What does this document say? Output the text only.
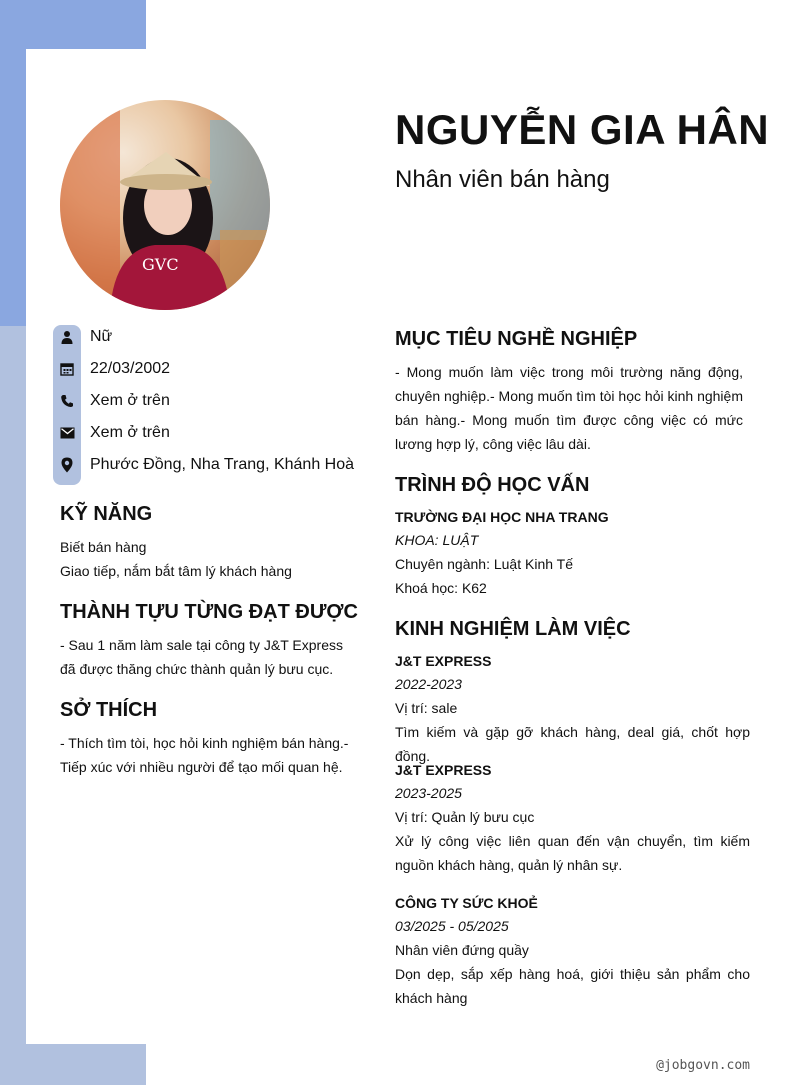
GVC
NGUYỄN GIA HÂN
Nhân viên bán hàng
Nữ
22/03/2002
Xem ở trên
Xem ở trên
Phước Đồng, Nha Trang, Khánh Hoà
KỸ NĂNG
Biết bán hàng
Giao tiếp, nắm bắt tâm lý khách hàng
THÀNH TỰU TỪNG ĐẠT ĐƯỢC
- Sau 1 năm làm sale tại công ty J&T Express
đã được thăng chức thành quản lý bưu cục.
SỞ THÍCH
- Thích tìm tòi, học hỏi kinh nghiệm bán hàng.-
Tiếp xúc với nhiều người để tạo mối quan hệ.
MỤC TIÊU NGHỀ NGHIỆP
- Mong muốn làm việc trong môi trường năng động, chuyên nghiệp.- Mong muốn tìm tòi học hỏi kinh nghiệm bán hàng.- Mong muốn tìm được công việc có mức lương hợp lý, công việc lâu dài.
TRÌNH ĐỘ HỌC VẤN
TRƯỜNG ĐẠI HỌC NHA TRANG
KHOA: LUẬT
Chuyên ngành: Luật Kinh Tế
Khoá học: K62
KINH NGHIỆM LÀM VIỆC
J&T EXPRESS
2022-2023
Vị trí: sale
Tìm kiếm và gặp gỡ khách hàng, deal giá, chốt hợp đồng.
J&T EXPRESS
2023-2025
Vị trí: Quản lý bưu cục
Xử lý công việc liên quan đến vận chuyển, tìm kiếm nguồn khách hàng, quản lý nhân sự.
CÔNG TY SỨC KHOẺ
03/2025 - 05/2025
Nhân viên đứng quầy
Dọn dẹp, sắp xếp hàng hoá, giới thiệu sản phẩm cho khách hàng
@jobgovn.com
